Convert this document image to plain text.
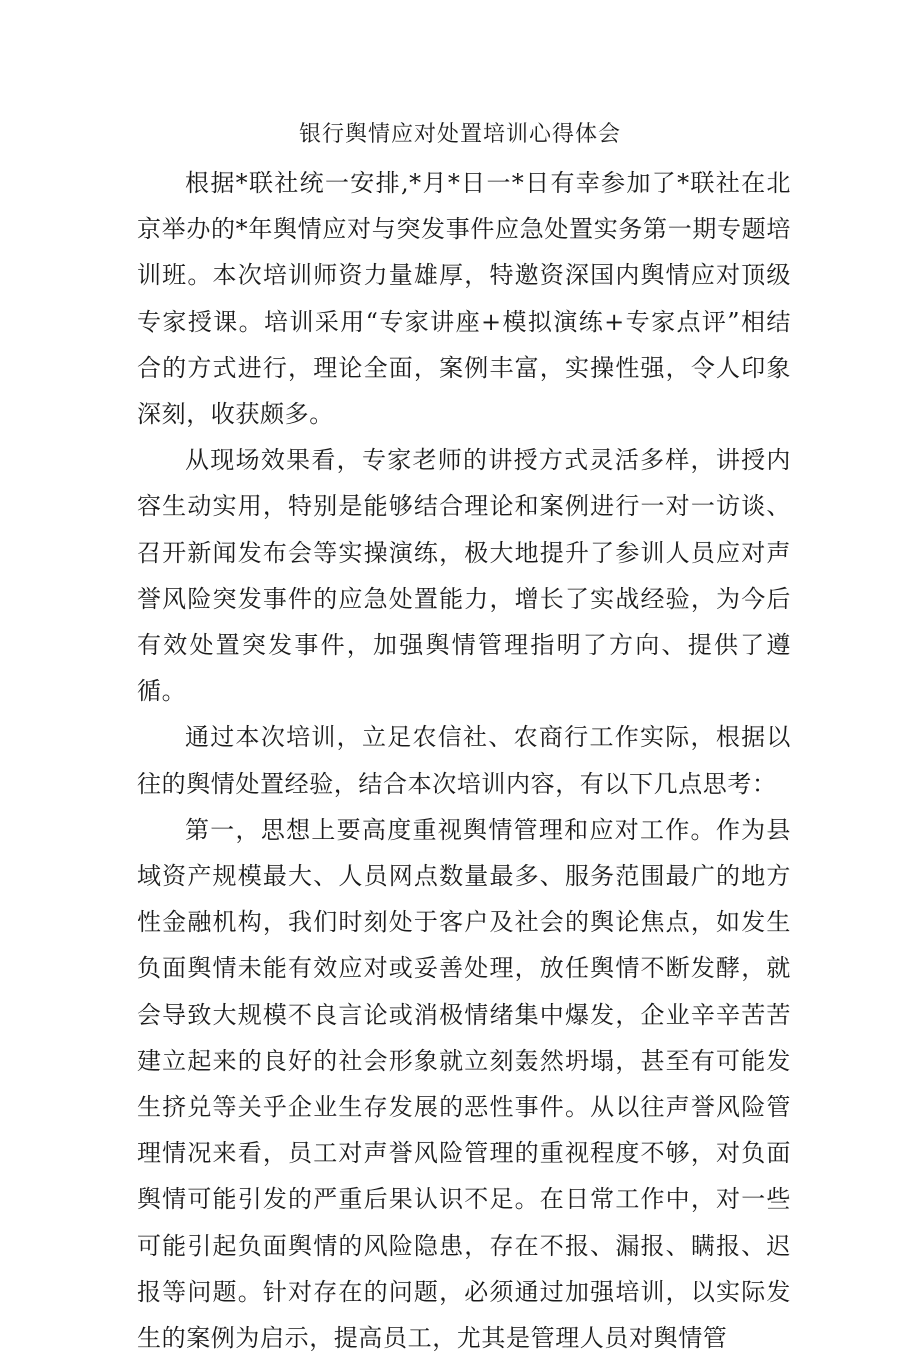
银行舆情应对处置培训心得体会

根据*联社统一安排,*月*日一*日有幸参加了*联社在北京举办的*年舆情应对与突发事件应急处置实务第一期专题培训班。本次培训师资力量雄厚，特邀资深国内舆情应对顶级专家授课。培训采用“专家讲座+模拟演练+专家点评”相结合的方式进行，理论全面，案例丰富，实操性强，令人印象深刻，收获颇多。

从现场效果看，专家老师的讲授方式灵活多样，讲授内容生动实用，特别是能够结合理论和案例进行一对一访谈、召开新闻发布会等实操演练，极大地提升了参训人员应对声誉风险突发事件的应急处置能力，增长了实战经验，为今后有效处置突发事件，加强舆情管理指明了方向、提供了遵循。

通过本次培训，立足农信社、农商行工作实际，根据以往的舆情处置经验，结合本次培训内容，有以下几点思考：

第一，思想上要高度重视舆情管理和应对工作。作为县域资产规模最大、人员网点数量最多、服务范围最广的地方性金融机构，我们时刻处于客户及社会的舆论焦点，如发生负面舆情未能有效应对或妥善处理，放任舆情不断发酵，就会导致大规模不良言论或消极情绪集中爆发，企业辛辛苦苦建立起来的良好的社会形象就立刻轰然坍塌，甚至有可能发生挤兑等关乎企业生存发展的恶性事件。从以往声誉风险管理情况来看，员工对声誉风险管理的重视程度不够，对负面舆情可能引发的严重后果认识不足。在日常工作中，对一些可能引起负面舆情的风险隐患，存在不报、漏报、瞒报、迟报等问题。针对存在的问题，必须通过加强培训，以实际发生的案例为启示，提高员工，尤其是管理人员对舆情管
